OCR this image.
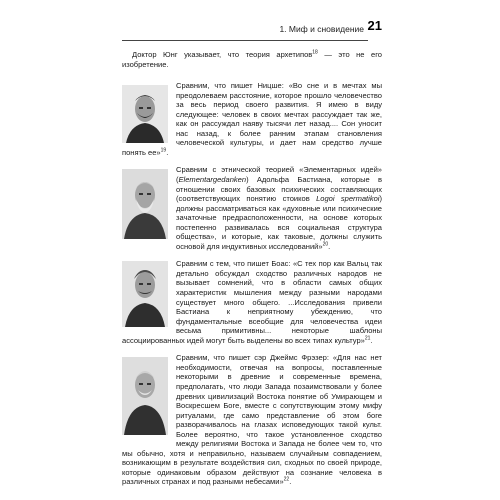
1. Миф и сновидение 21

Доктор Юнг указывает, что теория архетипов$^{18}$ — это не его изобретение.

Сравним, что пишет Ницше: «Во сне и в мечтах мы преодолеваем расстояние, которое прошло человечество за весь период своего развития. Я имею в виду следующее: человек в своих мечтах рассуждает так же, как он рассуждал наяву тысячи лет назад.... Сон уносит нас назад, к более ранним этапам становления человеческой культуры, и дает нам средство лучше понять ее»$^{19}$.

Сравним с этнической теорией «Элементарных идей» (Elementargedanken) Адольфа Бастиана, которые в отношении своих базовых психических составляющих (соответствующих понятию стоиков Logoi spermatikoi) должны рассматриваться как «духовные или психические зачаточные предрасположенности, на основе которых постепенно развивалась вся социальная структура общества», и которые, как таковые, должны служить основой для индуктивных исследований»$^{20}$.

Сравним с тем, что пишет Боас: «С тех пор как Вальц так детально обсуждал сходство различных народов не вызывает сомнений, что в области самых общих характеристик мышления между разными народами существует много общего. ...Исследования привели Бастиана к неприятному убеждению, что фундаментальные всеобщие для человечества идеи весьма примитивны... некоторые шаблоны ассоциированных идей могут быть выделены во всех типах культур»$^{21}$.

Сравним, что пишет сэр Джеймс Фрэзер: «Для нас нет необходимости, отвечая на вопросы, поставленные некоторыми в древние и современные времена, предполагать, что люди Запада позаимствовали у более древних цивилизаций Востока понятие об Умирающем и Воскресшем Боге, вместе с сопутствующим этому мифу ритуалами, где само представление об этом боге разворачивалось на глазах исповедующих такой культ. Более вероятно, что такое установленное сходство между религиями Востока и Запада не более чем то, что мы обычно, хотя и неправильно, называем случайным совпадением, возникающим в результате воздействия сил, сходных по своей природе, которые одинаковым образом действуют на сознание человека в различных странах и под разными небесами»$^{22}$.
